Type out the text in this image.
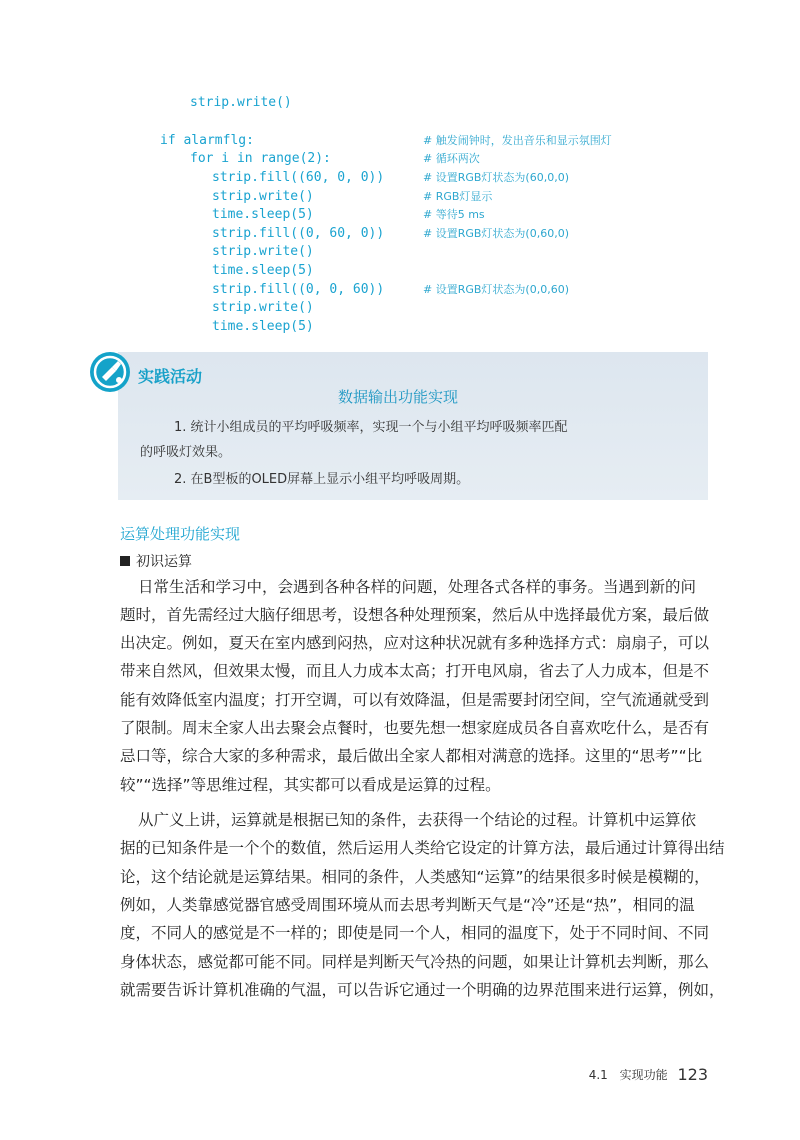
strip.write()
if alarmflg:
for i in range(2):
strip.fill((60, 0, 0))
strip.write()
time.sleep(5)
strip.fill((0, 60, 0))
strip.write()
time.sleep(5)
strip.fill((0, 0, 60))
strip.write()
time.sleep(5)
# 触发闹钟时，发出音乐和显示氛围灯
# 循环两次
# 设置RGB灯状态为(60,0,0)
# RGB灯显示
# 等待5 ms
# 设置RGB灯状态为(0,60,0)
# 设置RGB灯状态为(0,0,60)
实践活动
数据输出功能实现
1. 统计小组成员的平均呼吸频率，实现一个与小组平均呼吸频率匹配
的呼吸灯效果。
2. 在B型板的OLED屏幕上显示小组平均呼吸周期。
运算处理功能实现
初识运算
日常生活和学习中，会遇到各种各样的问题，处理各式各样的事务。当遇到新的问
题时，首先需经过大脑仔细思考，设想各种处理预案，然后从中选择最优方案，最后做
出决定。例如，夏天在室内感到闷热，应对这种状况就有多种选择方式：扇扇子，可以
带来自然风，但效果太慢，而且人力成本太高；打开电风扇，省去了人力成本，但是不
能有效降低室内温度；打开空调，可以有效降温，但是需要封闭空间，空气流通就受到
了限制。周末全家人出去聚会点餐时，也要先想一想家庭成员各自喜欢吃什么，是否有
忌口等，综合大家的多种需求，最后做出全家人都相对满意的选择。这里的“思考”“比
较”“选择”等思维过程，其实都可以看成是运算的过程。
从广义上讲，运算就是根据已知的条件，去获得一个结论的过程。计算机中运算依
据的已知条件是一个个的数值，然后运用人类给它设定的计算方法，最后通过计算得出结
论，这个结论就是运算结果。相同的条件，人类感知“运算”的结果很多时候是模糊的，
例如，人类靠感觉器官感受周围环境从而去思考判断天气是“冷”还是“热”，相同的温
度，不同人的感觉是不一样的；即使是同一个人，相同的温度下，处于不同时间、不同
身体状态，感觉都可能不同。同样是判断天气冷热的问题，如果让计算机去判断，那么
就需要告诉计算机准确的气温，可以告诉它通过一个明确的边界范围来进行运算，例如，
4.1 实现功能 123
